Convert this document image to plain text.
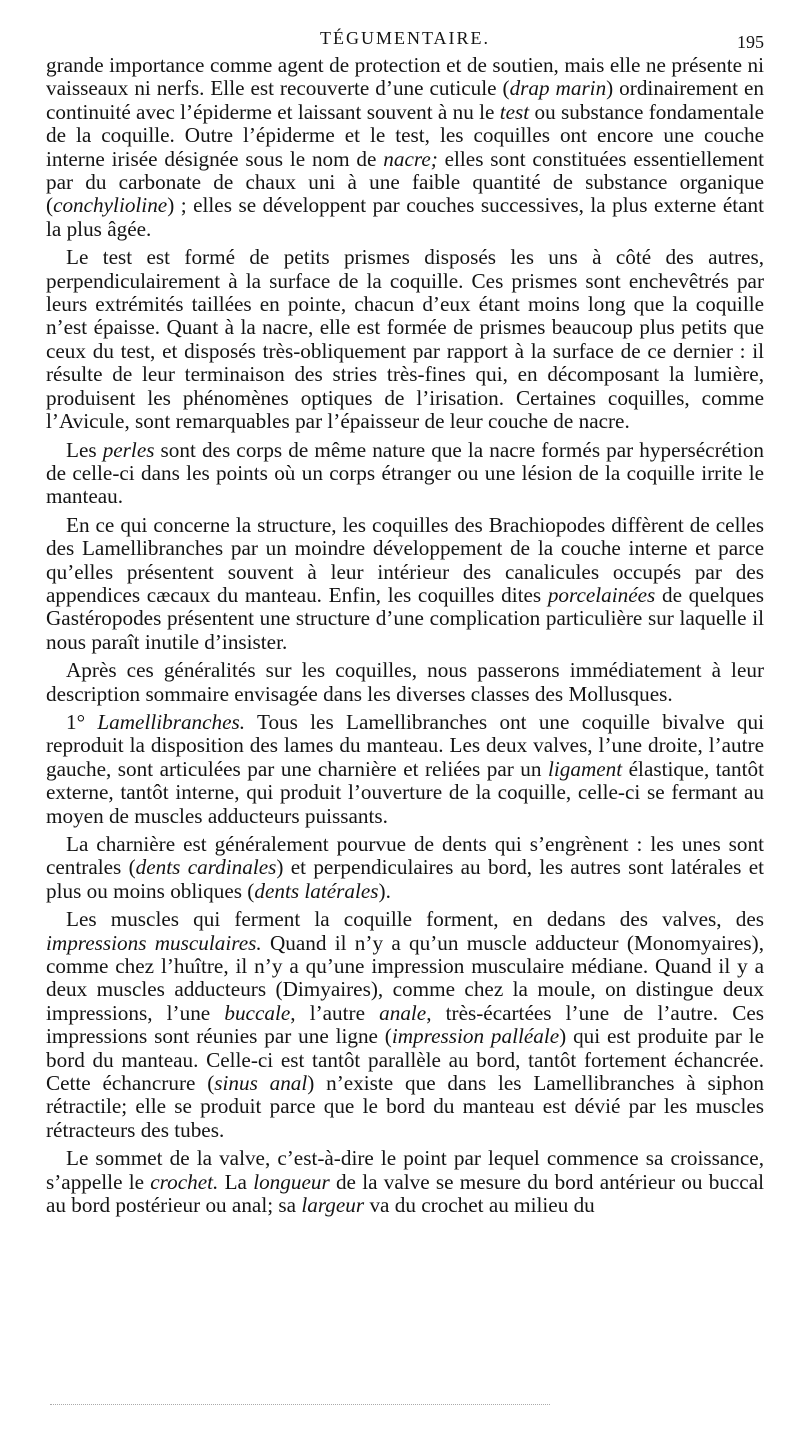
TÉGUMENTAIRE.	195

grande importance comme agent de protection et de soutien, mais elle ne présente ni vaisseaux ni nerfs. Elle est recouverte d’une cuticule (drap marin) ordinairement en continuité avec l’épiderme et laissant souvent à nu le test ou substance fondamentale de la coquille. Outre l’épiderme et le test, les coquilles ont encore une couche interne irisée désignée sous le nom de nacre; elles sont constituées essentiellement par du carbonate de chaux uni à une faible quantité de substance organique (conchylioline) ; elles se développent par couches successives, la plus externe étant la plus âgée.

Le test est formé de petits prismes disposés les uns à côté des autres, perpendiculairement à la surface de la coquille. Ces prismes sont enchevêtrés par leurs extrémités taillées en pointe, chacun d’eux étant moins long que la coquille n’est épaisse. Quant à la nacre, elle est formée de prismes beaucoup plus petits que ceux du test, et disposés très-obliquement par rapport à la surface de ce dernier : il résulte de leur terminaison des stries très-fines qui, en décomposant la lumière, produisent les phénomènes optiques de l’irisation. Certaines coquilles, comme l’Avicule, sont remarquables par l’épaisseur de leur couche de nacre.

Les perles sont des corps de même nature que la nacre formés par hypersécrétion de celle-ci dans les points où un corps étranger ou une lésion de la coquille irrite le manteau.

En ce qui concerne la structure, les coquilles des Brachiopodes diffèrent de celles des Lamellibranches par un moindre développement de la couche interne et parce qu’elles présentent souvent à leur intérieur des canalicules occupés par des appendices cæcaux du manteau. Enfin, les coquilles dites porcelainées de quelques Gastéropodes présentent une structure d’une complication particulière sur laquelle il nous paraît inutile d’insister.

Après ces généralités sur les coquilles, nous passerons immédiatement à leur description sommaire envisagée dans les diverses classes des Mollusques.

1° Lamellibranches. Tous les Lamellibranches ont une coquille bivalve qui reproduit la disposition des lames du manteau. Les deux valves, l’une droite, l’autre gauche, sont articulées par une charnière et reliées par un ligament élastique, tantôt externe, tantôt interne, qui produit l’ouverture de la coquille, celle-ci se fermant au moyen de muscles adducteurs puissants.

La charnière est généralement pourvue de dents qui s’engrènent : les unes sont centrales (dents cardinales) et perpendiculaires au bord, les autres sont latérales et plus ou moins obliques (dents latérales).

Les muscles qui ferment la coquille forment, en dedans des valves, des impressions musculaires. Quand il n’y a qu’un muscle adducteur (Monomyaires), comme chez l’huître, il n’y a qu’une impression musculaire médiane. Quand il y a deux muscles adducteurs (Dimyaires), comme chez la moule, on distingue deux impressions, l’une buccale, l’autre anale, très-écartées l’une de l’autre. Ces impressions sont réunies par une ligne (impression palléale) qui est produite par le bord du manteau. Celle-ci est tantôt parallèle au bord, tantôt fortement échancrée. Cette échancrure (sinus anal) n’existe que dans les Lamellibranches à siphon rétractile; elle se produit parce que le bord du manteau est dévié par les muscles rétracteurs des tubes.

Le sommet de la valve, c’est-à-dire le point par lequel commence sa croissance, s’appelle le crochet. La longueur de la valve se mesure du bord antérieur ou buccal au bord postérieur ou anal; sa largeur va du crochet au milieu du
